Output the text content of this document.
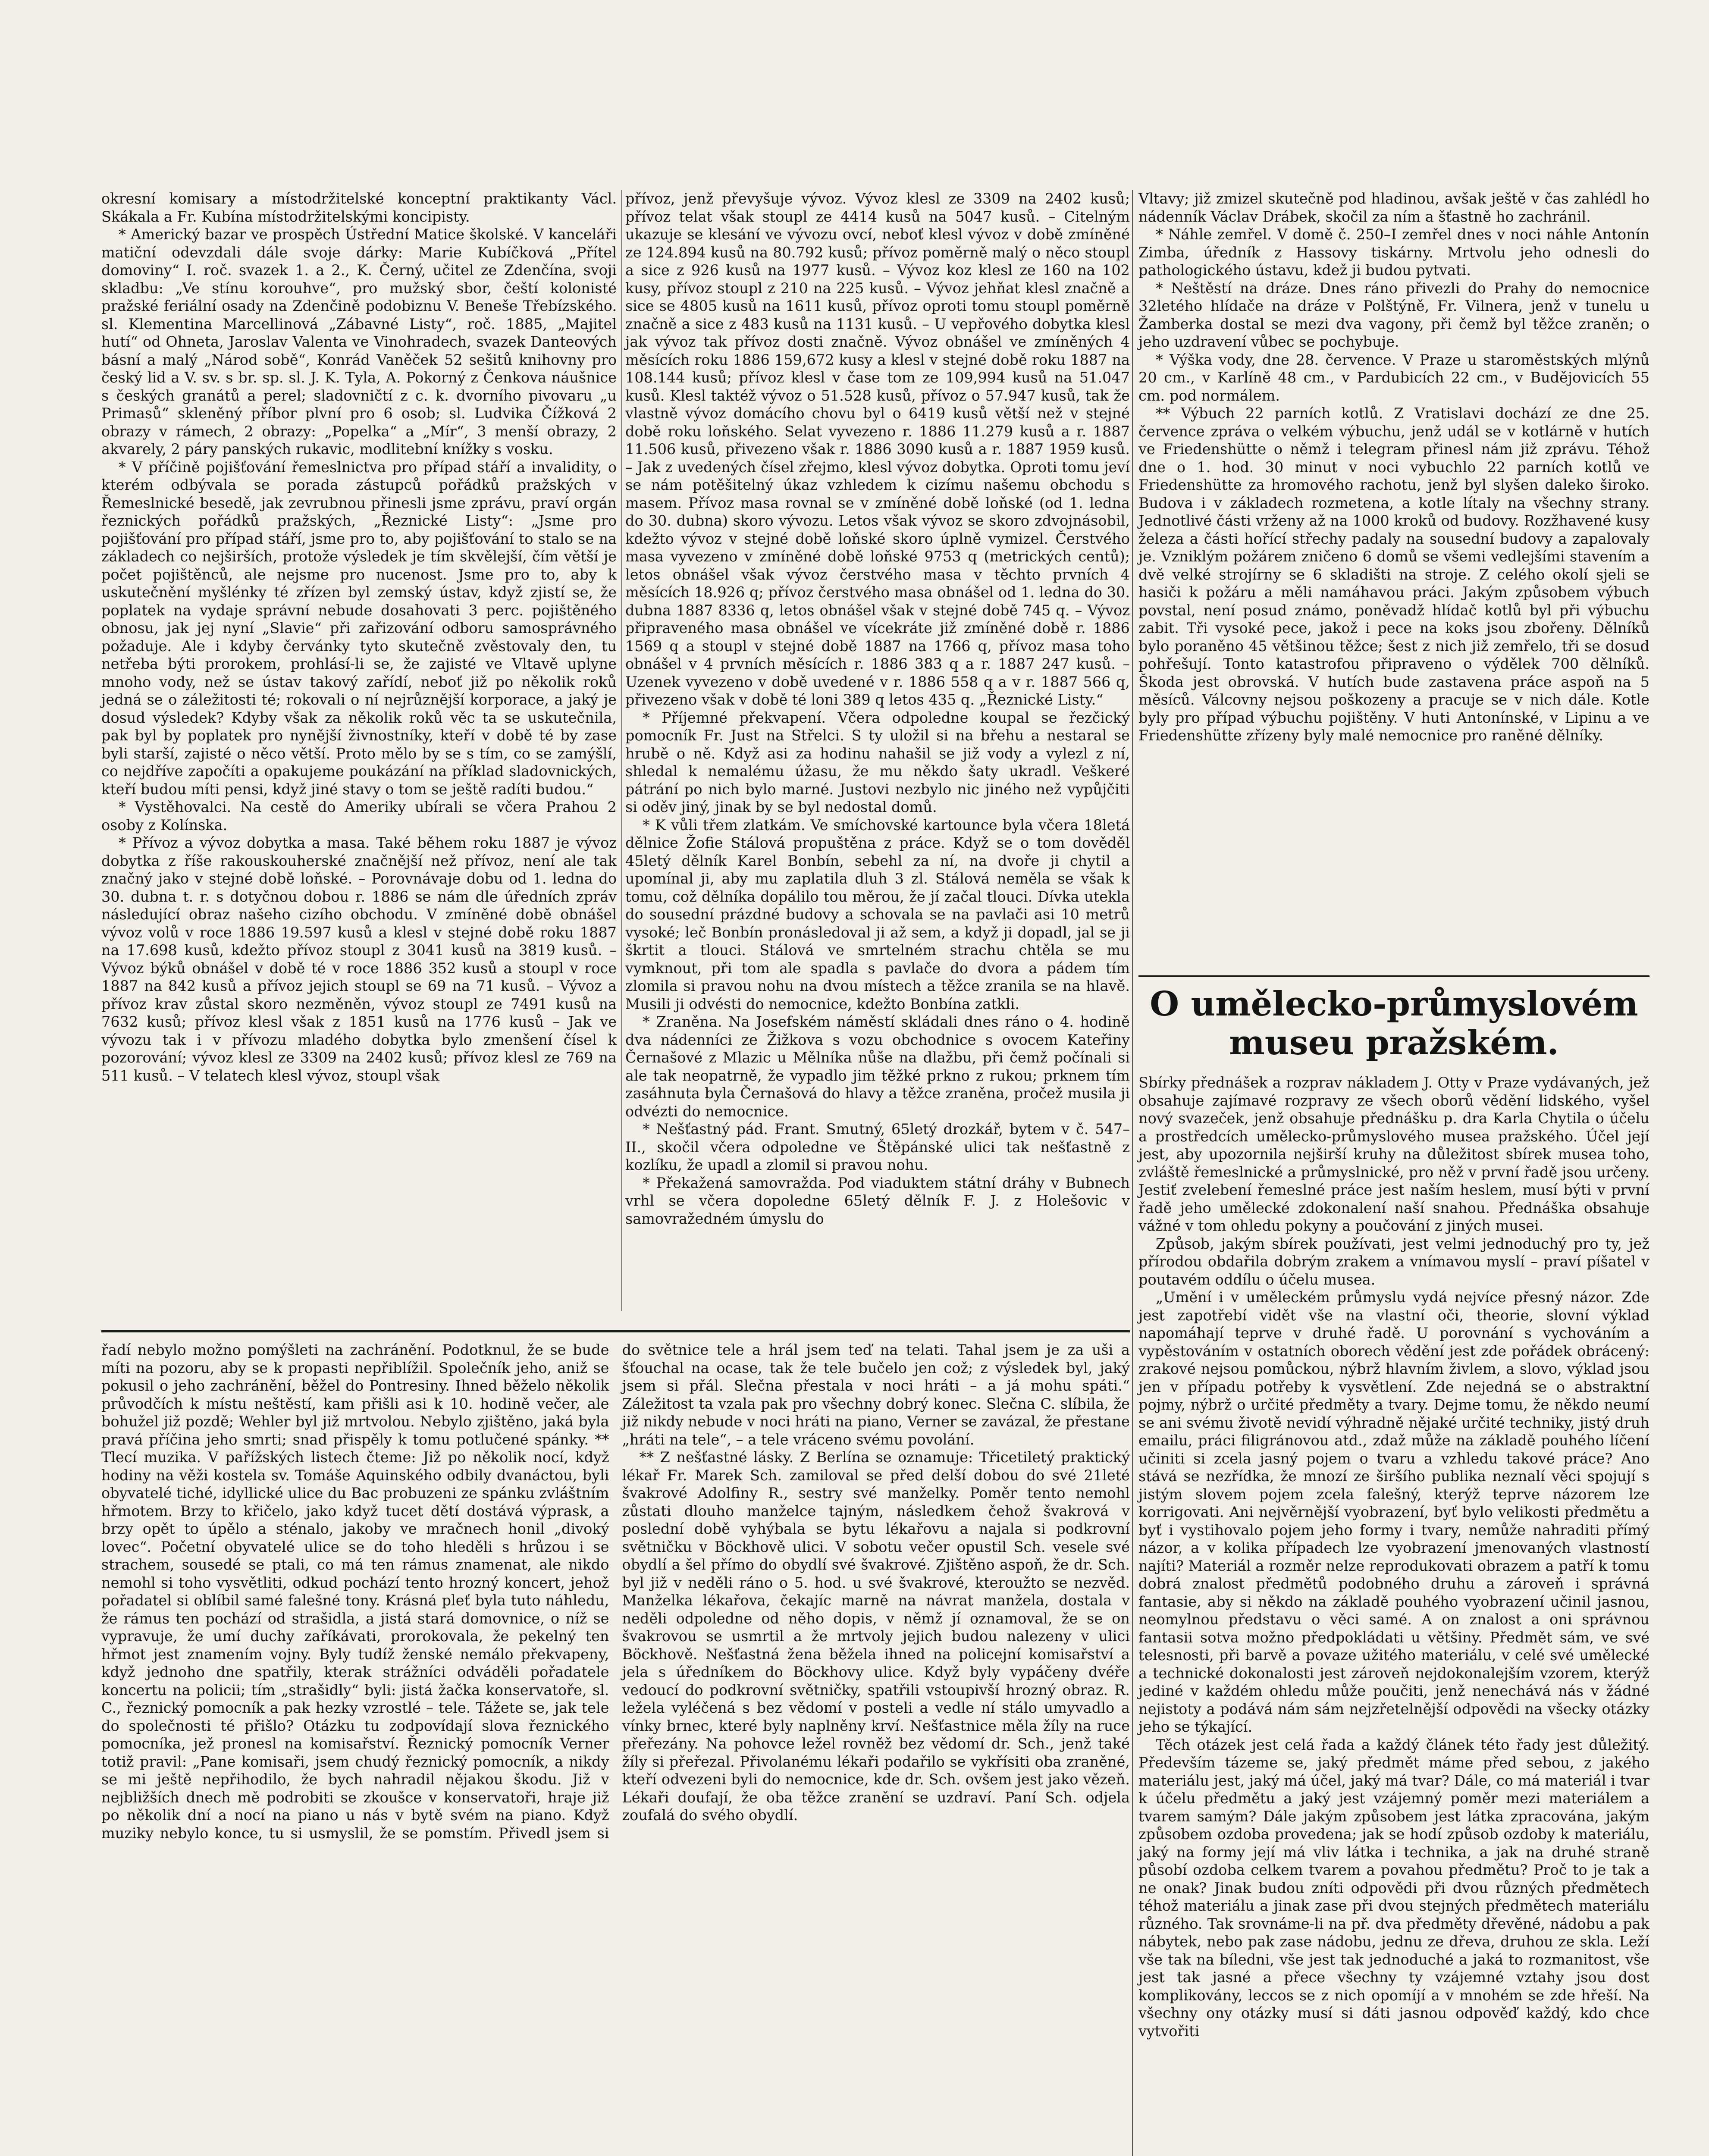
okresní komisary a místodržitelské konceptní praktikanty Václ. Skákala a Fr. Kubína místodržitelskými koncipisty.

* Americký bazar ve prospěch Ústřední Matice školské. V kanceláři matiční odevzdali dále svoje dárky: Marie Kubíčková „Přítel domoviny“ I. roč. svazek 1. a 2., K. Černý, učitel ze Zdenčína, svoji skladbu: „Ve stínu korouhve“, pro mužský sbor, čeští kolonisté pražské feriální osady na Zdenčině podobiznu V. Beneše Třebízského. sl. Klementina Marcellinová „Zábavné Listy“, roč. 1885, „Majitel hutí“ od Ohneta, Jaroslav Valenta ve Vinohradech, svazek Danteových básní a malý „Národ sobě“, Konrád Vaněček 52 sešitů knihovny pro český lid a V. sv. s br. sp. sl. J. K. Tyla, A. Pokorný z Čenkova náušnice s českých granátů a perel; sladovničtí z c. k. dvorního pivovaru „u Primasů“ skleněný příbor plvní pro 6 osob; sl. Ludvika Čížková 2 obrazy v rámech, 2 obrazy: „Popelka“ a „Mír“, 3 menší obrazy, 2 akvarely, 2 páry panských rukavic, modlitební knížky s vosku.

* V příčině pojišťování řemeslnictva pro případ stáří a invalidity, o kterém odbývala se porada zástupců pořádků pražských v Řemeslnické besedě, jak zevrubnou přinesli jsme zprávu, praví orgán řeznických pořádků pražských, „Řeznické Listy“: „Jsme pro pojišťování pro případ stáří, jsme pro to, aby pojišťování to stalo se na základech co nejširších, protože výsledek je tím skvělejší, čím větší je počet pojištěnců, ale nejsme pro nucenost. Jsme pro to, aby k uskutečnění myšlénky té zřízen byl zemský ústav, když zjistí se, že poplatek na vydaje správní nebude dosahovati 3 perc. pojištěného obnosu, jak jej nyní „Slavie“ při zařizování odboru samosprávného požaduje. Ale i kdyby červánky tyto skutečně zvěstovaly den, tu netřeba býti prorokem, prohlásí-li se, že zajisté ve Vltavě uplyne mnoho vody, než se ústav takový zařídí, neboť již po několik roků jedná se o záležitosti té; rokovali o ní nejrůznější korporace, a jaký je dosud výsledek? Kdyby však za několik roků věc ta se uskutečnila, pak byl by poplatek pro nynější živnostníky, kteří v době té by zase byli starší, zajisté o něco větší. Proto mělo by se s tím, co se zamýšlí, co nejdříve započíti a opakujeme poukázání na příklad sladovnických, kteří budou míti pensi, když jiné stavy o tom se ještě radíti budou.“

* Vystěhovalci. Na cestě do Ameriky ubírali se včera Prahou 2 osoby z Kolínska.

* Přívoz a vývoz dobytka a masa. Také během roku 1887 je vývoz dobytka z říše rakouskouherské značnější než přívoz, není ale tak značný jako v stejné době loňské. – Porovnávaje dobu od 1. ledna do 30. dubna t. r. s dotyčnou dobou r. 1886 se nám dle úředních zpráv následující obraz našeho cizího obchodu. V zmíněné době obnášel vývoz volů v roce 1886 19.597 kusů a klesl v stejné době roku 1887 na 17.698 kusů, kdežto přívoz stoupl z 3041 kusů na 3819 kusů. – Vývoz býků obnášel v době té v roce 1886 352 kusů a stoupl v roce 1887 na 842 kusů a přívoz jejich stoupl se 69 na 71 kusů. – Vývoz a přívoz krav zůstal skoro nezměněn, vývoz stoupl ze 7491 kusů na 7632 kusů; přívoz klesl však z 1851 kusů na 1776 kusů – Jak ve vývozu tak i v přívozu mladého dobytka bylo zmenšení čísel k pozorování; vývoz klesl ze 3309 na 2402 kusů; přívoz klesl ze 769 na 511 kusů. – V telatech klesl vývoz, stoupl však

přívoz, jenž převyšuje vývoz. Vývoz klesl ze 3309 na 2402 kusů; přívoz telat však stoupl ze 4414 kusů na 5047 kusů. – Citelným ukazuje se klesání ve vývozu ovcí, neboť klesl vývoz v době zmíněné ze 124.894 kusů na 80.792 kusů; přívoz poměrně malý o něco stoupl a sice z 926 kusů na 1977 kusů. – Vývoz koz klesl ze 160 na 102 kusy, přívoz stoupl z 210 na 225 kusů. – Vývoz jehňat klesl značně a sice se 4805 kusů na 1611 kusů, přívoz oproti tomu stoupl poměrně značně a sice z 483 kusů na 1131 kusů. – U vepřového dobytka klesl jak vývoz tak přívoz dosti značně. Vývoz obnášel ve zmíněných 4 měsících roku 1886 159,672 kusy a klesl v stejné době roku 1887 na 108.144 kusů; přívoz klesl v čase tom ze 109,994 kusů na 51.047 kusů. Klesl taktéž vývoz o 51.528 kusů, přívoz o 57.947 kusů, tak že vlastně vývoz domácího chovu byl o 6419 kusů větší než v stejné době roku loňského. Selat vyvezeno r. 1886 11.279 kusů a r. 1887 11.506 kusů, přivezeno však r. 1886 3090 kusů a r. 1887 1959 kusů. – Jak z uvedených čísel zřejmo, klesl vývoz dobytka. Oproti tomu jeví se nám potěšitelný úkaz vzhledem k cizímu našemu obchodu s masem. Přívoz masa rovnal se v zmíněné době loňské (od 1. ledna do 30. dubna) skoro vývozu. Letos však vývoz se skoro zdvojnásobil, kdežto vývoz v stejné době loňské skoro úplně vymizel. Čerstvého masa vyvezeno v zmíněné době loňské 9753 q (metrických centů); letos obnášel však vývoz čerstvého masa v těchto prvních 4 měsících 18.926 q; přívoz čerstvého masa obnášel od 1. ledna do 30. dubna 1887 8336 q, letos obnášel však v stejné době 745 q. – Vývoz připraveného masa obnášel ve vícekráte již zmíněné době r. 1886 1569 q a stoupl v stejné době 1887 na 1766 q, přívoz masa toho obnášel v 4 prvních měsících r. 1886 383 q a r. 1887 247 kusů. – Uzenek vyvezeno v době uvedené v r. 1886 558 q a v r. 1887 566 q, přivezeno však v době té loni 389 q letos 435 q. „Řeznické Listy.“

* Příjemné překvapení. Včera odpoledne koupal se řezčický pomocník Fr. Just na Střelci. S ty uložil si na břehu a nestaral se hrubě o ně. Když asi za hodinu nahašil se již vody a vylezl z ní, shledal k nemalému úžasu, že mu někdo šaty ukradl. Veškeré pátrání po nich bylo marné. Justovi nezbylo nic jiného než vypůjčiti si oděv jiný, jinak by se byl nedostal domů.

* K vůli třem zlatkám. Ve smíchovské kartounce byla včera 18letá dělnice Žofie Stálová propuštěna z práce. Když se o tom dověděl 45letý dělník Karel Bonbín, sebehl za ní, na dvoře ji chytil a upomínal ji, aby mu zaplatila dluh 3 zl. Stálová neměla se však k tomu, což dělníka dopálilo tou měrou, že jí začal tlouci. Dívka utekla do sousední prázdné budovy a schovala se na pavlači asi 10 metrů vysoké; leč Bonbín pronásledoval ji až sem, a když ji dopadl, jal se ji škrtit a tlouci. Stálová ve smrtelném strachu chtěla se mu vymknout, při tom ale spadla s pavlače do dvora a pádem tím zlomila si pravou nohu na dvou místech a těžce zranila se na hlavě. Musili ji odvésti do nemocnice, kdežto Bonbína zatkli.

* Zraněna. Na Josefském náměstí skládali dnes ráno o 4. hodině dva nádenníci ze Žižkova s vozu obchodnice s ovocem Kateřiny Černašové z Mlazic u Mělníka nůše na dlažbu, při čemž počínali si ale tak neopatrně, že vypadlo jim těžké prkno z rukou; prknem tím zasáhnuta byla Černašová do hlavy a těžce zraněna, pročež musila ji odvézti do nemocnice.

* Nešťastný pád. Frant. Smutný, 65letý drozkář, bytem v č. 547–II., skočil včera odpoledne ve Štěpánské ulici tak nešťastně z kozlíku, že upadl a zlomil si pravou nohu.

* Překažená samovražda. Pod viaduktem státní dráhy v Bubnech vrhl se včera dopoledne 65letý dělník F. J. z Holešovic v samovražedném úmyslu do

řadí nebylo možno pomýšleti na zachránění. Podotknul, že se bude míti na pozoru, aby se k propasti nepřiblížil. Společník jeho, aniž se pokusil o jeho zachránění, běžel do Pontresiny. Ihned běželo několik průvodčích k místu neštěstí, kam přišli asi k 10. hodině večer, ale bohužel již pozdě; Wehler byl již mrtvolou. Nebylo zjištěno, jaká byla pravá příčina jeho smrti; snad přispěly k tomu potlučené spánky. ** Tlecí muzika. V pařížských listech čteme: Již po několik nocí, když hodiny na věži kostela sv. Tomáše Aquinského odbily dvanáctou, byli obyvatelé tiché, idyllické ulice du Bac probuzeni ze spánku zvláštním hřmotem. Brzy to křičelo, jako když tucet dětí dostává výprask, a brzy opět to úpělo a sténalo, jakoby ve mračnech honil „divoký lovec“. Početní obyvatelé ulice se do toho hleděli s hrůzou i se strachem, sousedé se ptali, co má ten rámus znamenat, ale nikdo nemohl si toho vysvětliti, odkud pochází tento hrozný koncert, jehož pořadatel si oblíbil samé falešné tony. Krásná pleť byla tuto náhledu, že rámus ten pochází od strašidla, a jistá stará domovnice, o níž se vypravuje, že umí duchy zaříkávati, prorokovala, že pekelný ten hřmot jest znamením vojny. Byly tudíž ženské nemálo překvapeny, když jednoho dne spatřily, kterak strážníci odváděli pořadatele koncertu na policii; tím „strašidly“ byli: jistá žačka konservatoře, sl. C., řeznický pomocník a pak hezky vzrostlé – tele. Tážete se, jak tele do společnosti té přišlo? Otázku tu zodpovídají slova řeznického pomocníka, jež pronesl na komisařství. Řeznický pomocník Verner totiž pravil: „Pane komisaři, jsem chudý řeznický pomocník, a nikdy se mi ještě nepřihodilo, že bych nahradil nějakou škodu. Již v nejbližších dnech mě podrobiti se zkoušce v konservatoři, hraje již po několik dní a nocí na piano u nás v bytě svém na piano. Když muziky nebylo konce, tu si usmyslil, že se pomstím. Přivedl jsem si do světnice tele a hrál jsem teď na telati. Tahal jsem je za uši a šťouchal na ocase, tak že tele bučelo jen což; z výsledek byl, jaký jsem si přál. Slečna přestala v noci hráti – a já mohu spáti.“ Záležitost ta vzala pak pro všechny dobrý konec. Slečna C. slíbila, že již nikdy nebude v noci hráti na piano, Verner se zavázal, že přestane „hráti na tele“, – a tele vráceno svému povolání.

** Z nešťastné lásky. Z Berlína se oznamuje: Třicetiletý praktický lékař Fr. Marek Sch. zamiloval se před delší dobou do své 21leté švakrové Adolfiny R., sestry své manželky. Poměr tento nemohl zůstati dlouho manželce tajným, následkem čehož švakrová v poslední době vyhýbala se bytu lékařovu a najala si podkrovní světničku v Böckhově ulici. V sobotu večer opustil Sch. vesele své obydlí a šel přímo do obydlí své švakrové. Zjištěno aspoň, že dr. Sch. byl již v neděli ráno o 5. hod. u své švakrové, kteroužto se nezvěd. Manželka lékařova, čekajíc marně na návrat manžela, dostala v neděli odpoledne od něho dopis, v němž jí oznamoval, že se on švakrovou se usmrtil a že mrtvoly jejich budou nalezeny v ulici Böckhově. Nešťastná žena běžela ihned na policejní komisařství a jela s úředníkem do Böckhovy ulice. Když byly vypáčeny dvéře vedoucí do podkrovní světničky, spatřili vstoupivší hrozný obraz. R. ležela vyléčená s bez vědomí v posteli a vedle ní stálo umyvadlo a vínky brnec, které byly naplněny krví. Nešťastnice měla žíly na ruce přeřezány. Na pohovce ležel rovněž bez vědomí dr. Sch., jenž také žíly si přeřezal. Přivolanému lékaři podařilo se vykřísiti oba zraněné, kteří odvezeni byli do nemocnice, kde dr. Sch. ovšem jest jako vězeň. Lékaři doufají, že oba těžce zranění se uzdraví. Paní Sch. odjela zoufalá do svého obydlí.

Vltavy; již zmizel skutečně pod hladinou, avšak ještě v čas zahlédl ho nádenník Václav Drábek, skočil za ním a šťastně ho zachránil.

* Náhle zemřel. V domě č. 250–I zemřel dnes v noci náhle Antonín Zimba, úředník z Hassovy tiskárny. Mrtvolu jeho odnesli do pathologického ústavu, kdež ji budou pytvati.

* Neštěstí na dráze. Dnes ráno přivezli do Prahy do nemocnice 32letého hlídače na dráze v Polštýně, Fr. Vilnera, jenž v tunelu u Žamberka dostal se mezi dva vagony, při čemž byl těžce zraněn; o jeho uzdravení vůbec se pochybuje.

* Výška vody, dne 28. července. V Praze u staroměstských mlýnů 20 cm., v Karlíně 48 cm., v Pardubicích 22 cm., v Budějovicích 55 cm. pod normálem.

** Výbuch 22 parních kotlů. Z Vratislavi dochází ze dne 25. července zpráva o velkém výbuchu, jenž udál se v kotlárně v hutích ve Friedenshütte o němž i telegram přinesl nám již zprávu. Téhož dne o 1. hod. 30 minut v noci vybuchlo 22 parních kotlů ve Friedenshütte za hromového rachotu, jenž byl slyšen daleko široko. Budova i v základech rozmetena, a kotle lítaly na všechny strany. Jednotlivé části vrženy až na 1000 kroků od budovy. Rozžhavené kusy železa a části hořící střechy padaly na sousední budovy a zapalovaly je. Vzniklým požárem zničeno 6 domů se všemi vedlejšími stavením a dvě velké strojírny se 6 skladišti na stroje. Z celého okolí sjeli se hasiči k požáru a měli namáhavou práci. Jakým způsobem výbuch povstal, není posud známo, poněvadž hlídač kotlů byl při výbuchu zabit. Tři vysoké pece, jakož i pece na koks jsou zbořeny. Dělníků bylo poraněno 45 většinou těžce; šest z nich již zemřelo, tři se dosud pohřešují. Tonto katastrofou připraveno o výdělek 700 dělníků. Škoda jest obrovská. V hutích bude zastavena práce aspoň na 5 měsíců. Válcovny nejsou poškozeny a pracuje se v nich dále. Kotle byly pro případ výbuchu pojištěny. V huti Antonínské, v Lipinu a ve Friedenshütte zřízeny byly malé nemocnice pro raněné dělníky.

O umělecko-průmyslovém museu pražském.

Sbírky přednášek a rozprav nákladem J. Otty v Praze vydávaných, jež obsahuje zajímavé rozpravy ze všech oborů vědění lidského, vyšel nový svazeček, jenž obsahuje přednášku p. dra Karla Chytila o účelu a prostředcích umělecko-průmyslového musea pražského. Účel její jest, aby upozornila nejširší kruhy na důležitost sbírek musea toho, zvláště řemeslnické a průmyslnické, pro něž v první řadě jsou určeny. Jestiť zvelebení řemeslné práce jest naším heslem, musí býti v první řadě jeho umělecké zdokonalení naší snahou. Přednáška obsahuje vážné v tom ohledu pokyny a poučování z jiných musei.

Způsob, jakým sbírek používati, jest velmi jednoduchý pro ty, jež přírodou obdařila dobrým zrakem a vnímavou myslí – praví píšatel v poutavém oddílu o účelu musea.

„Umění i v uměleckém průmyslu vydá nejvíce přesný názor. Zde jest zapotřebí vidět vše na vlastní oči, theorie, slovní výklad napomáhají teprve v druhé řadě. U porovnání s vychováním a vypěstováním v ostatních oborech vědění jest zde pořádek obrácený: zrakové nejsou pomůckou, nýbrž hlavním živlem, a slovo, výklad jsou jen v případu potřeby k vysvětlení. Zde nejedná se o abstraktní pojmy, nýbrž o určité předměty a tvary. Dejme tomu, že někdo neumí se ani svému životě nevidí výhradně nějaké určité techniky, jistý druh emailu, práci filigránovou atd., zdaž může na základě pouhého líčení učiniti si zcela jasný pojem o tvaru a vzhledu takové práce? Ano stává se nezřídka, že mnozí ze širšího publika neznalí věci spojují s jistým slovem pojem zcela falešný, kterýž teprve názorem lze korrigovati. Ani nejvěrnější vyobrazení, byť bylo velikosti předmětu a byť i vystihovalo pojem jeho formy i tvary, nemůže nahraditi přímý názor, a v kolika případech lze vyobrazení jmenovaných vlastností najíti? Materiál a rozměr nelze reprodukovati obrazem a patří k tomu dobrá znalost předmětů podobného druhu a zároveň i správná fantasie, aby si někdo na základě pouhého vyobrazení učinil jasnou, neomylnou představu o věci samé. A on znalost a oni správnou fantasii sotva možno předpokládati u většiny. Předmět sám, ve své telesnosti, při barvě a povaze užitého materiálu, v celé své umělecké a technické dokonalosti jest zároveň nejdokonalejším vzorem, kterýž jediné v každém ohledu může poučiti, jenž nenechává nás v žádné nejistoty a podává nám sám nejzřetelnější odpovědi na všecky otázky jeho se týkající.

Těch otázek jest celá řada a každý článek této řady jest důležitý. Především tázeme se, jaký předmět máme před sebou, z jakého materiálu jest, jaký má účel, jaký má tvar? Dále, co má materiál i tvar k účelu předmětu a jaký jest vzájemný poměr mezi materiálem a tvarem samým? Dále jakým způsobem jest látka zpracována, jakým způsobem ozdoba provedena; jak se hodí způsob ozdoby k materiálu, jaký na formy její má vliv látka i technika, a jak na druhé straně působí ozdoba celkem tvarem a povahou předmětu? Proč to je tak a ne onak? Jinak budou zníti odpovědi při dvou různých předmětech téhož materiálu a jinak zase při dvou stejných předmětech materiálu různého. Tak srovnáme-li na př. dva předměty dřevěné, nádobu a pak nábytek, nebo pak zase nádobu, jednu ze dřeva, druhou ze skla. Leží vše tak na bíledni, vše jest tak jednoduché a jaká to rozmanitost, vše jest tak jasné a přece všechny ty vzájemné vztahy jsou dost komplikovány, leccos se z nich opomíjí a v mnohém se zde hřeší. Na všechny ony otázky musí si dáti jasnou odpověď každý, kdo chce vytvořiti
